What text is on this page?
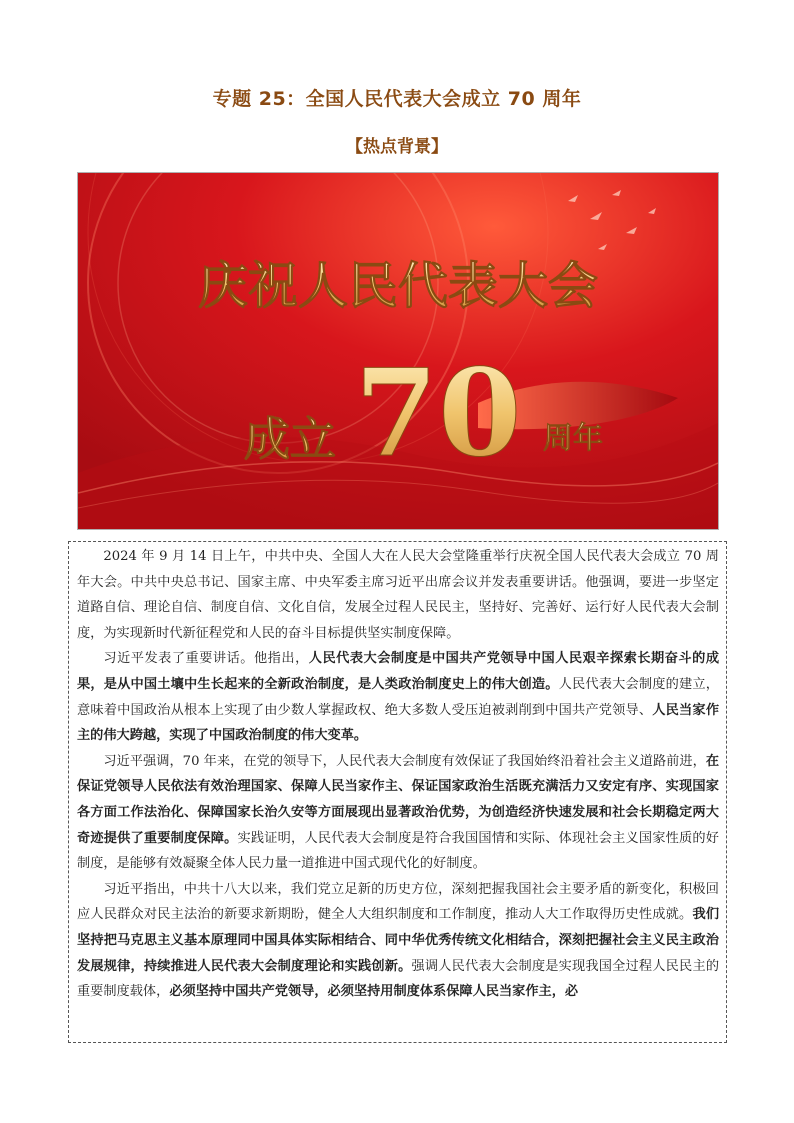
专题 25：全国人民代表大会成立 70 周年
【热点背景】
庆祝人民代表大会
成立 70 周年

2024 年 9 月 14 日上午，中共中央、全国人大在人民大会堂隆重举行庆祝全国人民代表大会成立 70 周年大会。中共中央总书记、国家主席、中央军委主席习近平出席会议并发表重要讲话。他强调，要进一步坚定道路自信、理论自信、制度自信、文化自信，发展全过程人民民主，坚持好、完善好、运行好人民代表大会制度，为实现新时代新征程党和人民的奋斗目标提供坚实制度保障。

习近平发表了重要讲话。他指出，人民代表大会制度是中国共产党领导中国人民艰辛探索长期奋斗的成果，是从中国土壤中生长起来的全新政治制度，是人类政治制度史上的伟大创造。人民代表大会制度的建立，意味着中国政治从根本上实现了由少数人掌握政权、绝大多数人受压迫被剥削到中国共产党领导、人民当家作主的伟大跨越，实现了中国政治制度的伟大变革。

习近平强调，70 年来，在党的领导下，人民代表大会制度有效保证了我国始终沿着社会主义道路前进，在保证党领导人民依法有效治理国家、保障人民当家作主、保证国家政治生活既充满活力又安定有序、实现国家各方面工作法治化、保障国家长治久安等方面展现出显著政治优势，为创造经济快速发展和社会长期稳定两大奇迹提供了重要制度保障。实践证明，人民代表大会制度是符合我国国情和实际、体现社会主义国家性质的好制度，是能够有效凝聚全体人民力量一道推进中国式现代化的好制度。

习近平指出，中共十八大以来，我们党立足新的历史方位，深刻把握我国社会主要矛盾的新变化，积极回应人民群众对民主法治的新要求新期盼，健全人大组织制度和工作制度，推动人大工作取得历史性成就。我们坚持把马克思主义基本原理同中国具体实际相结合、同中华优秀传统文化相结合，深刻把握社会主义民主政治发展规律，持续推进人民代表大会制度理论和实践创新。强调人民代表大会制度是实现我国全过程人民民主的重要制度载体，必须坚持中国共产党领导，必须坚持用制度体系保障人民当家作主，必
